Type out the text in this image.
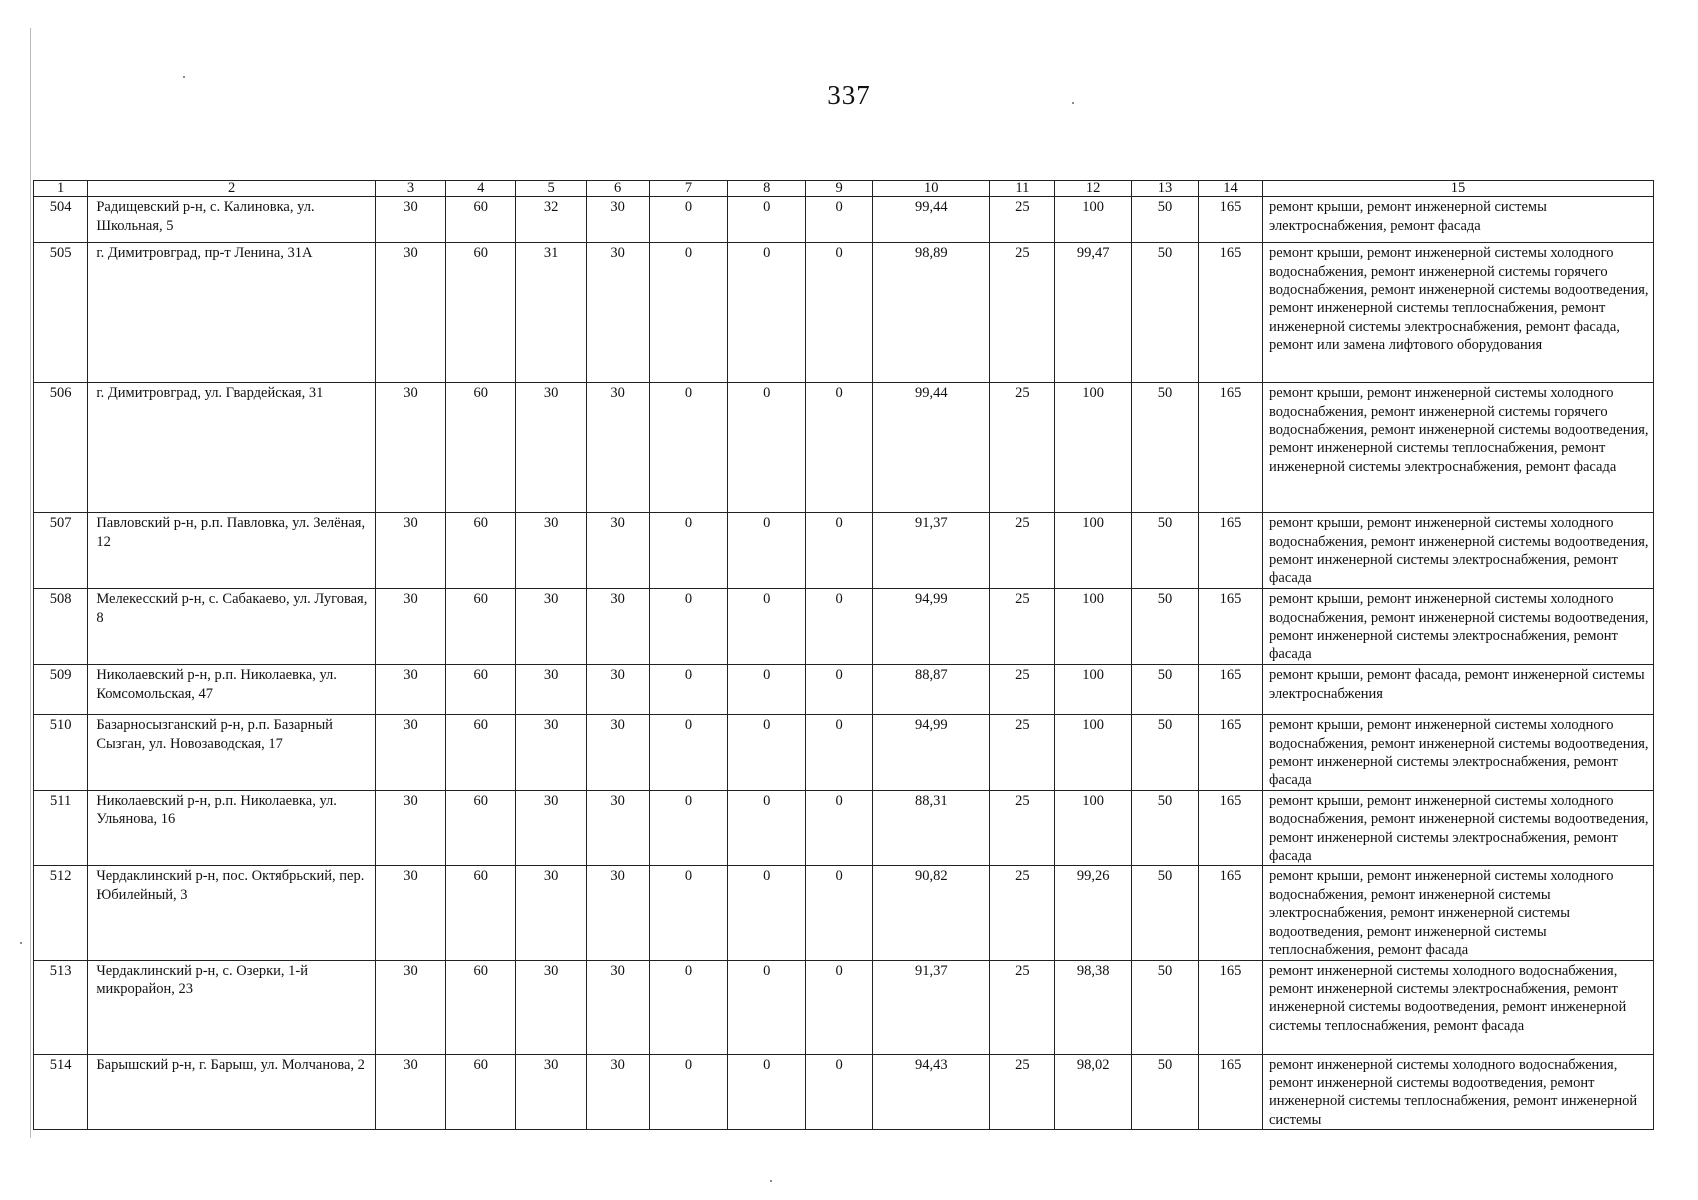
337
1	2	3	4	5	6	7	8	9	10	11	12	13	14	15
504	Радищевский р-н, с. Калиновка, ул. Школьная, 5	30	60	32	30	0	0	0	99,44	25	100	50	165	ремонт крыши, ремонт инженерной системы электроснабжения, ремонт фасада
505	г. Димитровград, пр-т Ленина, 31А	30	60	31	30	0	0	0	98,89	25	99,47	50	165	ремонт крыши, ремонт инженерной системы холодного водоснабжения, ремонт инженерной системы горячего водоснабжения, ремонт инженерной системы водоотведения, ремонт инженерной системы теплоснабжения, ремонт инженерной системы электроснабжения, ремонт фасада, ремонт или замена лифтового оборудования
506	г. Димитровград, ул. Гвардейская, 31	30	60	30	30	0	0	0	99,44	25	100	50	165	ремонт крыши, ремонт инженерной системы холодного водоснабжения, ремонт инженерной системы горячего водоснабжения, ремонт инженерной системы водоотведения, ремонт инженерной системы теплоснабжения, ремонт инженерной системы электроснабжения, ремонт фасада
507	Павловский р-н, р.п. Павловка, ул. Зелёная, 12	30	60	30	30	0	0	0	91,37	25	100	50	165	ремонт крыши, ремонт инженерной системы холодного водоснабжения, ремонт инженерной системы водоотведения, ремонт инженерной системы электроснабжения, ремонт фасада
508	Мелекесский р-н, с. Сабакаево, ул. Луговая, 8	30	60	30	30	0	0	0	94,99	25	100	50	165	ремонт крыши, ремонт инженерной системы холодного водоснабжения, ремонт инженерной системы водоотведения, ремонт инженерной системы электроснабжения, ремонт фасада
509	Николаевский р-н, р.п. Николаевка, ул. Комсомольская, 47	30	60	30	30	0	0	0	88,87	25	100	50	165	ремонт крыши, ремонт фасада, ремонт инженерной системы электроснабжения
510	Базарносызганский р-н, р.п. Базарный Сызган, ул. Новозаводская, 17	30	60	30	30	0	0	0	94,99	25	100	50	165	ремонт крыши, ремонт инженерной системы холодного водоснабжения, ремонт инженерной системы водоотведения, ремонт инженерной системы электроснабжения, ремонт фасада
511	Николаевский р-н, р.п. Николаевка, ул. Ульянова, 16	30	60	30	30	0	0	0	88,31	25	100	50	165	ремонт крыши, ремонт инженерной системы холодного водоснабжения, ремонт инженерной системы водоотведения, ремонт инженерной системы электроснабжения, ремонт фасада
512	Чердаклинский р-н, пос. Октябрьский, пер. Юбилейный, 3	30	60	30	30	0	0	0	90,82	25	99,26	50	165	ремонт крыши, ремонт инженерной системы холодного водоснабжения, ремонт инженерной системы электроснабжения, ремонт инженерной системы водоотведения, ремонт инженерной системы теплоснабжения, ремонт фасада
513	Чердаклинский р-н, с. Озерки, 1-й микрорайон, 23	30	60	30	30	0	0	0	91,37	25	98,38	50	165	ремонт инженерной системы холодного водоснабжения, ремонт инженерной системы электроснабжения, ремонт инженерной системы водоотведения, ремонт инженерной системы теплоснабжения, ремонт фасада
514	Барышский р-н, г. Барыш, ул. Молчанова, 2	30	60	30	30	0	0	0	94,43	25	98,02	50	165	ремонт инженерной системы холодного водоснабжения, ремонт инженерной системы водоотведения, ремонт инженерной системы теплоснабжения, ремонт инженерной системы
